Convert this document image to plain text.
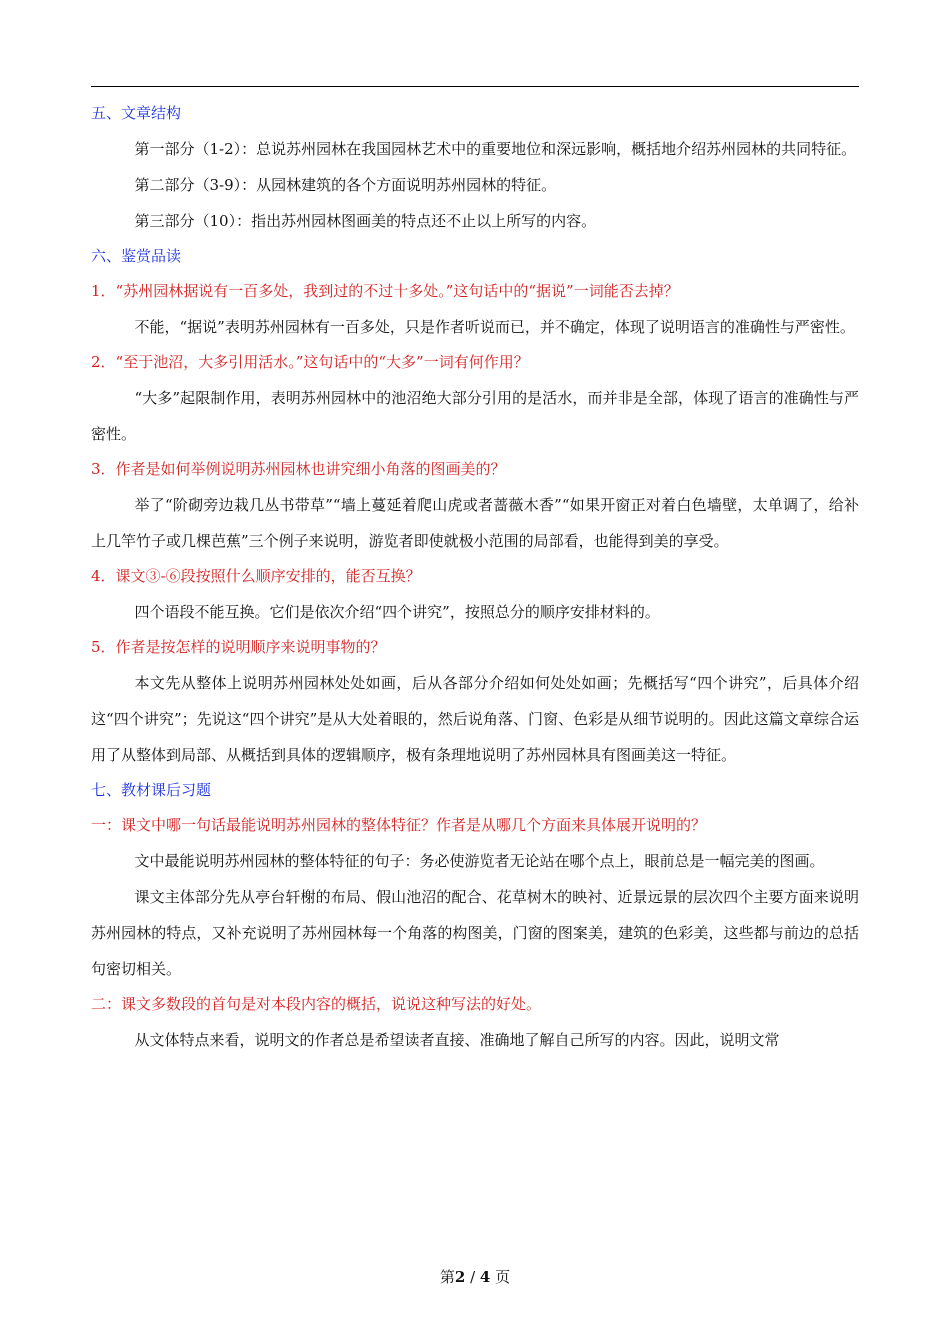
五、文章结构

第一部分（1-2）：总说苏州园林在我国园林艺术中的重要地位和深远影响，概括地介绍苏州园林的共同特征。

第二部分（3-9）：从园林建筑的各个方面说明苏州园林的特征。

第三部分（10）：指出苏州园林图画美的特点还不止以上所写的内容。

六、鉴赏品读

1．“苏州园林据说有一百多处，我到过的不过十多处。”这句话中的“据说”一词能否去掉？

不能，“据说”表明苏州园林有一百多处，只是作者听说而已，并不确定，体现了说明语言的准确性与严密性。

2．“至于池沼，大多引用活水。”这句话中的“大多”一词有何作用？

“大多”起限制作用，表明苏州园林中的池沼绝大部分引用的是活水，而并非是全部，体现了语言的准确性与严密性。

3．作者是如何举例说明苏州园林也讲究细小角落的图画美的？

举了“阶砌旁边栽几丛书带草”“墙上蔓延着爬山虎或者蔷薇木香”“如果开窗正对着白色墙壁，太单调了，给补上几竿竹子或几棵芭蕉”三个例子来说明，游览者即使就极小范围的局部看，也能得到美的享受。

4．课文③-⑥段按照什么顺序安排的，能否互换？

四个语段不能互换。它们是依次介绍“四个讲究”，按照总分的顺序安排材料的。

5．作者是按怎样的说明顺序来说明事物的？

本文先从整体上说明苏州园林处处如画，后从各部分介绍如何处处如画；先概括写“四个讲究”，后具体介绍这“四个讲究”；先说这“四个讲究”是从大处着眼的，然后说角落、门窗、色彩是从细节说明的。因此这篇文章综合运用了从整体到局部、从概括到具体的逻辑顺序，极有条理地说明了苏州园林具有图画美这一特征。

七、教材课后习题

一：课文中哪一句话最能说明苏州园林的整体特征？作者是从哪几个方面来具体展开说明的？

文中最能说明苏州园林的整体特征的句子：务必使游览者无论站在哪个点上，眼前总是一幅完美的图画。

课文主体部分先从亭台轩榭的布局、假山池沼的配合、花草树木的映衬、近景远景的层次四个主要方面来说明苏州园林的特点，又补充说明了苏州园林每一个角落的构图美，门窗的图案美，建筑的色彩美，这些都与前边的总括句密切相关。

二：课文多数段的首句是对本段内容的概括，说说这种写法的好处。

从文体特点来看，说明文的作者总是希望读者直接、准确地了解自己所写的内容。因此，说明文常

第2 / 4 页
